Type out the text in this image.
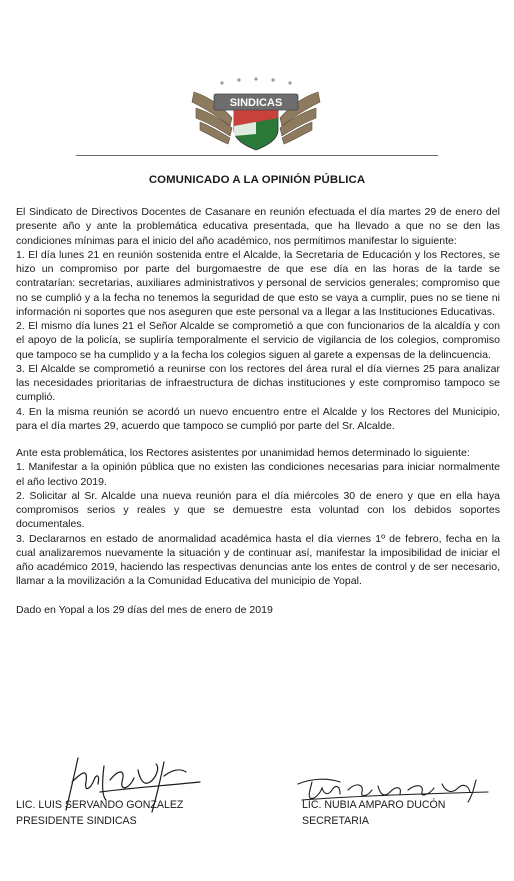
SINDICAS
COMUNICADO A LA OPINIÓN PÚBLICA

El Sindicato de Directivos Docentes de Casanare en reunión efectuada el día martes 29 de enero del presente año y ante la problemática educativa presentada, que ha llevado a que no se den las condiciones mínimas para el inicio del año académico, nos permitimos manifestar lo siguiente:

1. El día lunes 21 en reunión sostenida entre el Alcalde, la Secretaria de Educación y los Rectores, se hizo un compromiso por parte del burgomaestre de que ese día en las horas de la tarde se contratarían: secretarias, auxiliares administrativos y personal de servicios generales; compromiso que no se cumplió y a la fecha no tenemos la seguridad de que esto se vaya a cumplir, pues no se tiene ni información ni soportes que nos aseguren que este personal va a llegar a las Instituciones Educativas.

2. El mismo día lunes 21 el Señor Alcalde se comprometió a que con funcionarios de la alcaldía y con el apoyo de la policía, se supliría temporalmente el servicio de vigilancia de los colegios, compromiso que tampoco se ha cumplido y a la fecha los colegios siguen al garete a expensas de la delincuencia.

3. El Alcalde se comprometió a reunirse con los rectores del área rural el día viernes 25 para analizar las necesidades prioritarias de infraestructura de dichas instituciones y este compromiso tampoco se cumplió.

4. En la misma reunión se acordó un nuevo encuentro entre el Alcalde y los Rectores del Municipio, para el día martes 29, acuerdo que tampoco se cumplió por parte del Sr. Alcalde.

Ante esta problemática, los Rectores asistentes por unanimidad hemos determinado lo siguiente:

1. Manifestar a la opinión pública que no existen las condiciones necesarias para iniciar normalmente el año lectivo 2019.

2. Solicitar al Sr. Alcalde una nueva reunión para el día miércoles 30 de enero y que en ella haya compromisos serios y reales y que se demuestre esta voluntad con los debidos soportes documentales.

3. Declararnos en estado de anormalidad académica hasta el día viernes 1º de febrero, fecha en la cual analizaremos nuevamente la situación y de continuar así, manifestar la imposibilidad de iniciar el año académico 2019, haciendo las respectivas denuncias ante los entes de control y de ser necesario, llamar a la movilización a la Comunidad Educativa del municipio de Yopal.

Dado en Yopal a los 29 días del mes de enero de 2019

LIC. LUIS SERVANDO GONZALEZ
PRESIDENTE SINDICAS
LIC. NUBIA AMPARO DUCÓN
SECRETARIA
